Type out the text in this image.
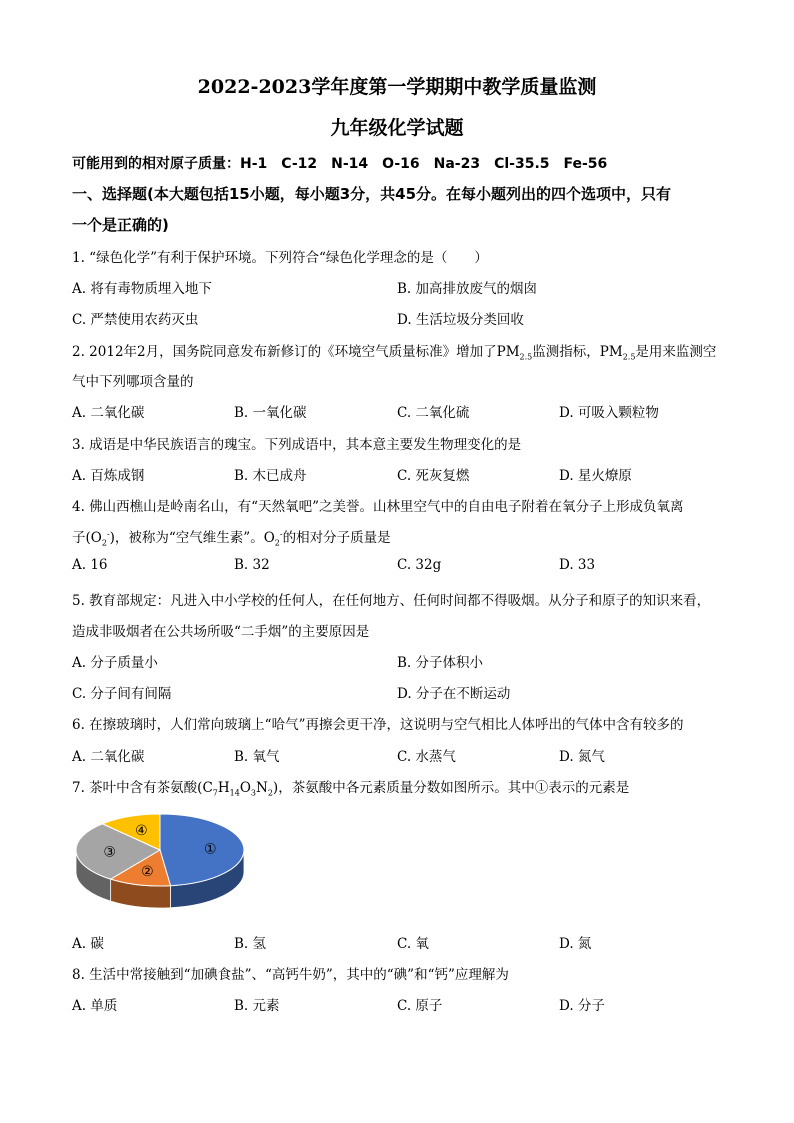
2022-2023学年度第一学期期中教学质量监测
九年级化学试题
可能用到的相对原子质量：H-1　C-12　N-14　O-16　Na-23　Cl-35.5　Fe-56
一、选择题(本大题包括15小题，每小题3分，共45分。在每小题列出的四个选项中，只有
一个是正确的)
1. “绿色化学”有利于保护环境。下列符合“绿色化学理念的是（　　）
A. 将有毒物质埋入地下	B. 加高排放废气的烟囱
C. 严禁使用农药灭虫	D. 生活垃圾分类回收
2. 2012年2月，国务院同意发布新修订的《环境空气质量标准》增加了$PM_{2.5}$监测指标，$PM_{2.5}$是用来监测空
气中下列哪项含量的
A. 二氧化碳	B. 一氧化碳	C. 二氧化硫	D. 可吸入颗粒物
3. 成语是中华民族语言的瑰宝。下列成语中，其本意主要发生物理变化的是
A. 百炼成钢	B. 木已成舟	C. 死灰复燃	D. 星火燎原
4. 佛山西樵山是岭南名山，有“天然氧吧”之美誉。山林里空气中的自由电子附着在氧分子上形成负氧离
子$(O_2^-)$，被称为“空气维生素”。$O_2^-$的相对分子质量是
A. 16	B. 32	C. 32g	D. 33
5. 教育部规定：凡进入中小学校的任何人，在任何地方、任何时间都不得吸烟。从分子和原子的知识来看，
造成非吸烟者在公共场所吸“二手烟”的主要原因是
A. 分子质量小	B. 分子体积小
C. 分子间有间隔	D. 分子在不断运动
6. 在擦玻璃时，人们常向玻璃上“哈气”再擦会更干净，这说明与空气相比人体呼出的气体中含有较多的
A. 二氧化碳	B. 氧气	C. 水蒸气	D. 氮气
7. 茶叶中含有茶氨酸$(C_7H_{14}O_3N_2)$，茶氨酸中各元素质量分数如图所示。其中①表示的元素是
①
②
③
④
A. 碳	B. 氢	C. 氧	D. 氮
8. 生活中常接触到“加碘食盐”、“高钙牛奶”，其中的“碘”和“钙”应理解为
A. 单质	B. 元素	C. 原子	D. 分子
